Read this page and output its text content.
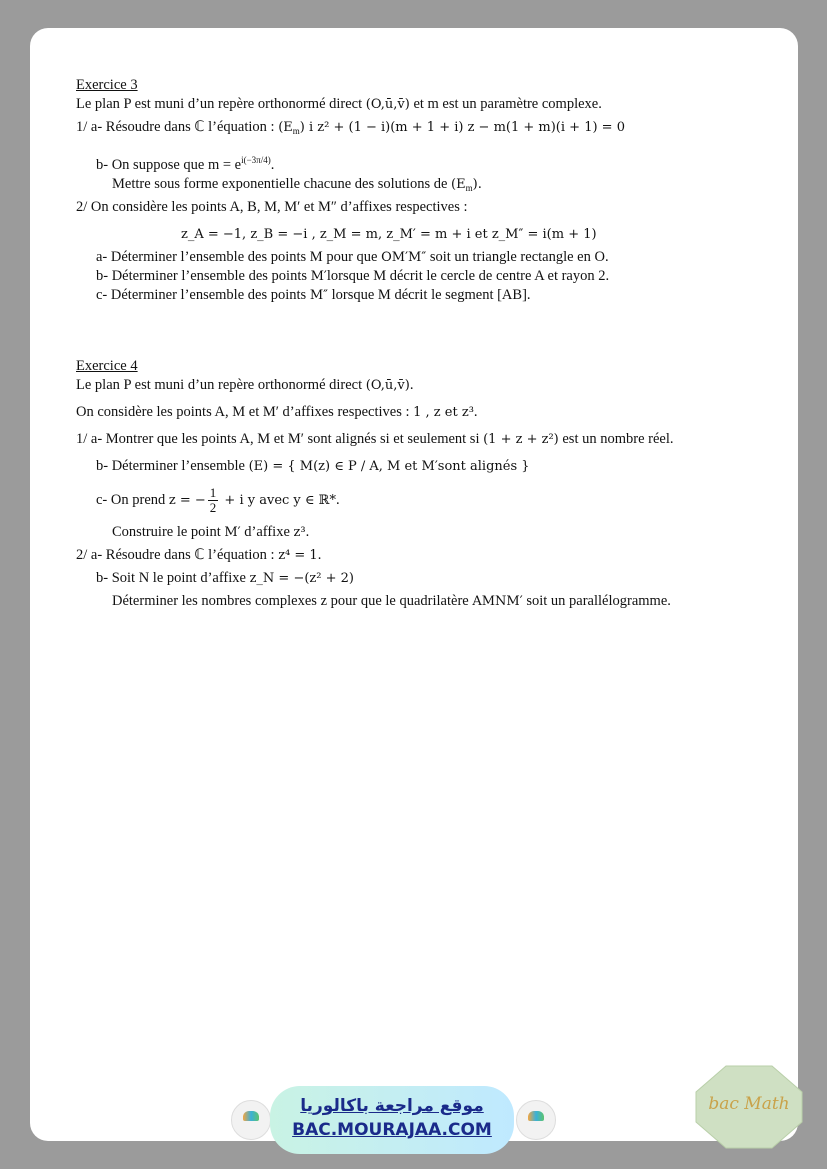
Exercice 3

Le plan P est muni d’un repère orthonormé direct (O,ū,v̄) et m est un paramètre complexe.

1/ a- Résoudre dans ℂ l’équation : $(E_m)$ i z² + (1 − i)(m + 1 + i) z − m(1 + m)(i + 1) = 0

b- On suppose que $m = e^{i(-3\pi/4)}$.

Mettre sous forme exponentielle chacune des solutions de $(E_m)$.

2/ On considère les points A, B, M, M′ et M″ d’affixes respectives :

z_A = −1, z_B = −i , z_M = m, z_M′ = m + i et z_M″ = i(m + 1)

a- Déterminer l’ensemble des points M pour que OM′M″ soit un triangle rectangle en O.

b- Déterminer l’ensemble des points M′lorsque M décrit le cercle de centre A et rayon 2.

c- Déterminer l’ensemble des points M″ lorsque M décrit le segment [AB].

Exercice 4

Le plan P est muni d’un repère orthonormé direct (O,ū,v̄).

On considère les points A, M et M′ d’affixes respectives : 1 , z et z³.

1/ a- Montrer que les points A, M et M′ sont alignés si et seulement si (1 + z + z²) est un nombre réel.

b- Déterminer l’ensemble (E) = { M(z) ∈ P / A, M et M′sont alignés }

c- On prend z = − $\frac{1}{2} + i$ y avec y ∈ ℝ*.

Construire le point M′ d’affixe z³.

2/ a- Résoudre dans ℂ l’équation : z⁴ = 1.

b- Soit N le point d’affixe z_N = −(z² + 2)

Déterminer les nombres complexes z pour que le quadrilatère AMNM′ soit un parallélogramme.

موقع مراجعة باكالوريا
BAC.MOURAJAA.COM
bac Math
